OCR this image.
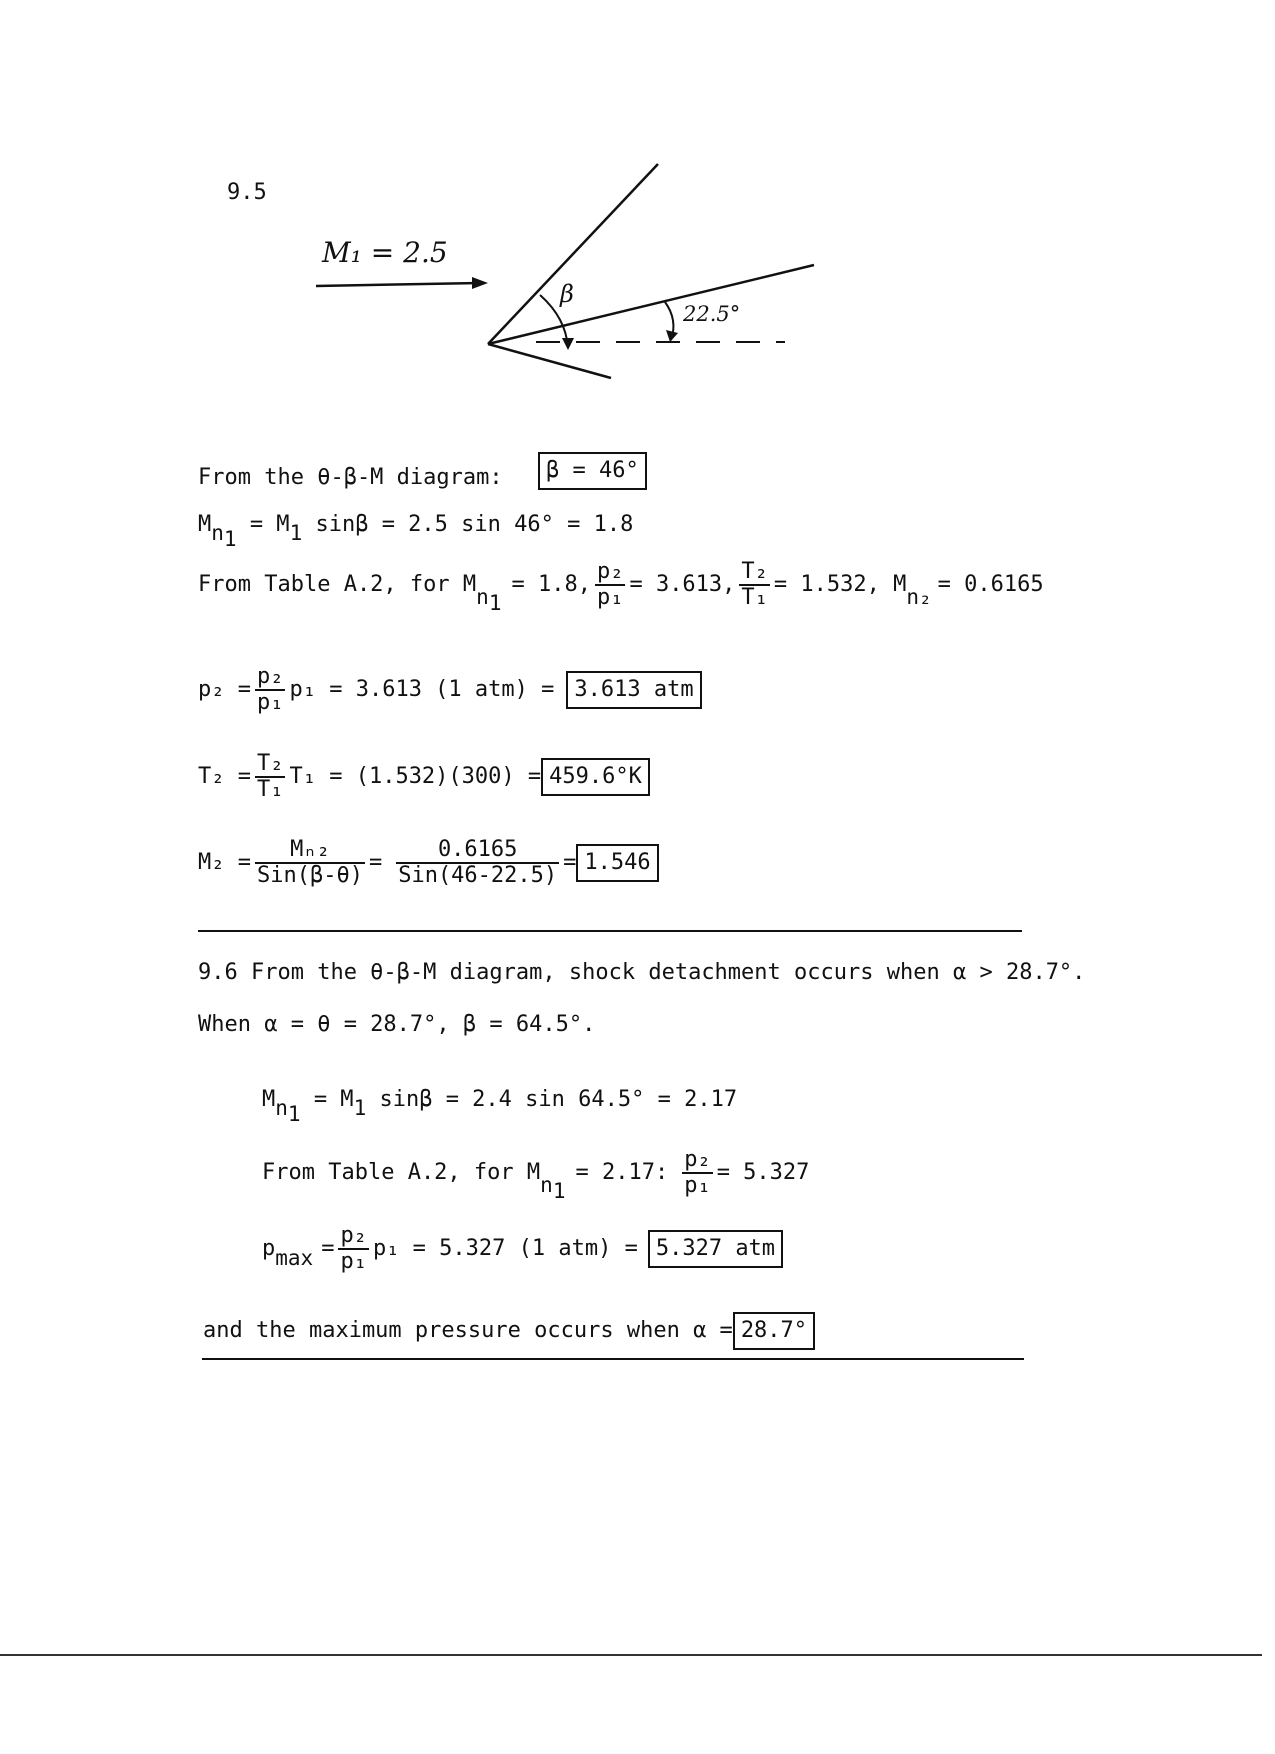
9.5
M₁ = 2.5
β
22.5°
From the θ-β-M diagram:	β = 46°
Mn1 = M1 sinβ = 2.5 sin 46° = 1.8
From Table A.2, for M n1
= 1.8, $\frac{\text{p₂}}{\text{p₁}} = 3.613$, $\frac{\text{T₂}}{\text{T₁}} = 1.532$, M n₂ = 0.6165
$p_2 = \frac{\text{p₂}}{\text{p₁}} p_1 = 3.613$ (1 atm) = 3.613 atm
$T_2 = \frac{\text{T₂}}{\text{T₁}} T_1 = (1.532)(300) = 459.6^\circ K$
$M_2 = \frac{\text{Mₙ₂}}{\text{Sin(β-θ)}} = \frac{0.6165}{\text{Sin(46-22.5)}} = 1.546$
9.6 From the θ-β-M diagram, shock detachment occurs when α > 28.7°.
When α = θ = 28.7°, β = 64.5°.
Mn1 = M1 sinβ = 2.4 sin 64.5° = 2.17
From Table A.2, for M n1
= 2.17: $\frac{\text{p₂}}{\text{p₁}} = 5.327$
p $\max = \frac{\text{p₂}}{\text{p₁}} p_1 = 5.327$ (1 atm) = 5.327 atm
and the maximum pressure occurs when α = 28.7°
